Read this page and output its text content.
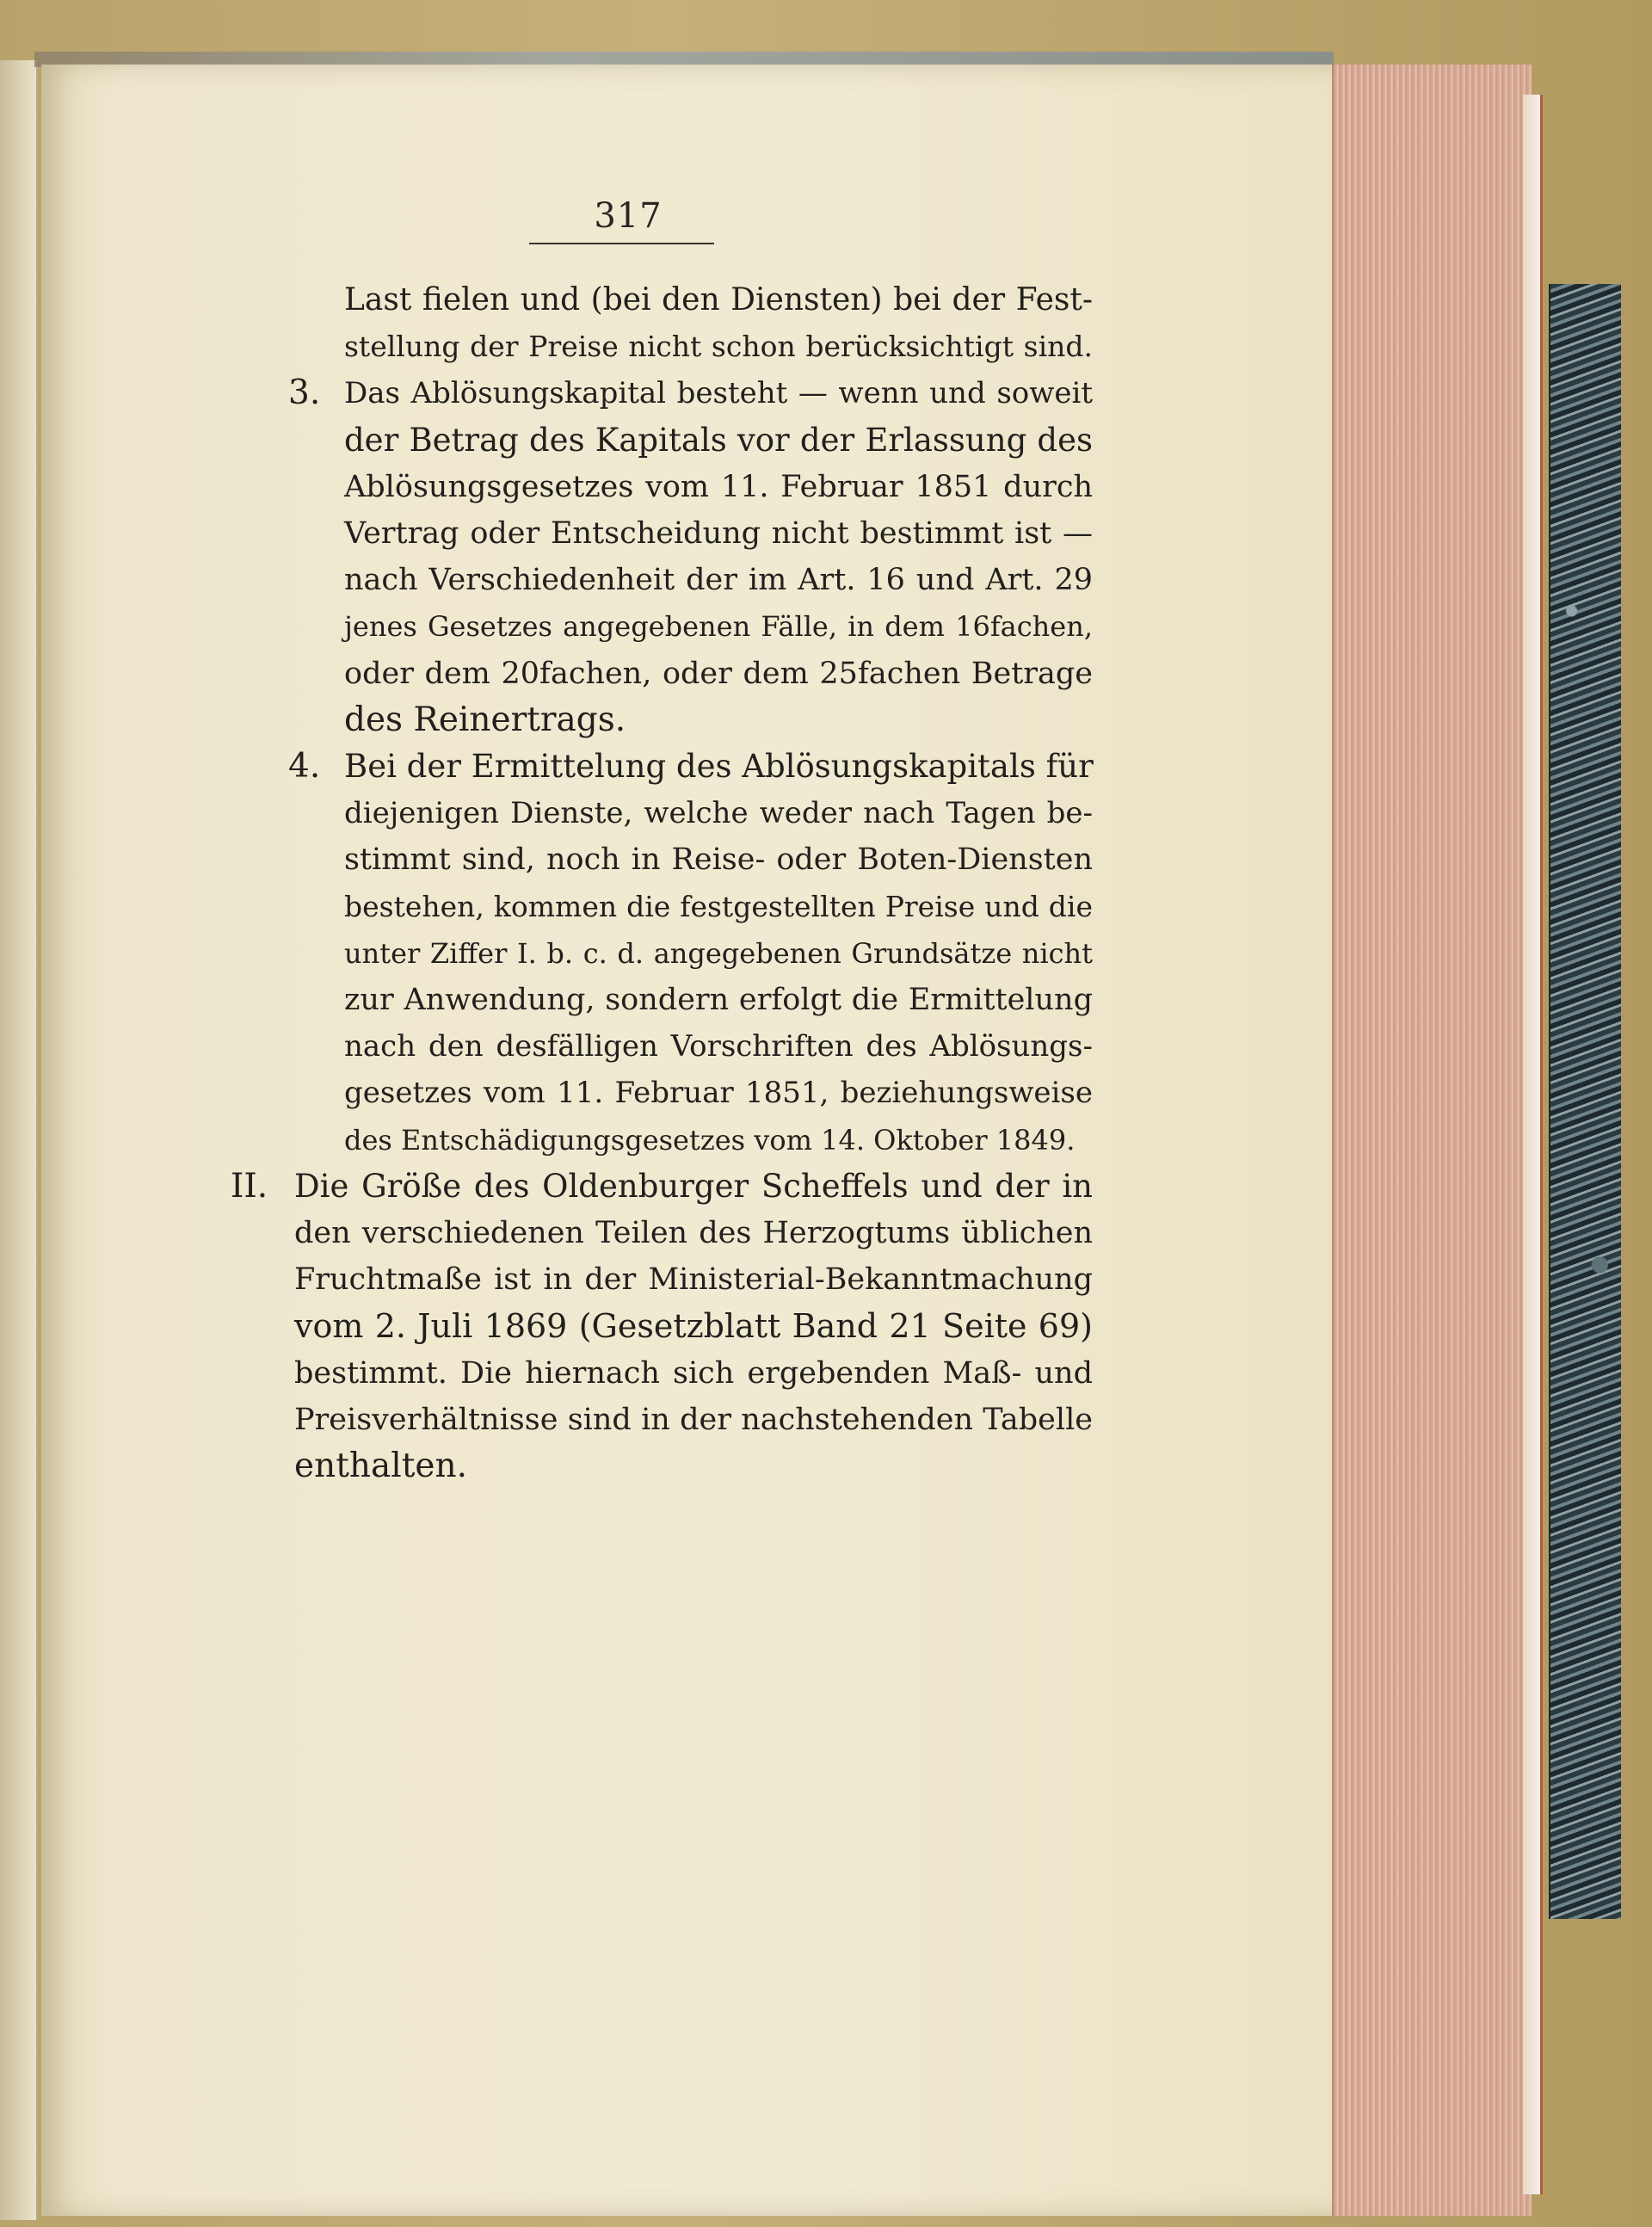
317
Last fielen und (bei den Diensten) bei der Fest-
stellung der Preise nicht schon berücksichtigt sind.
3. Das Ablösungskapital besteht — wenn und soweit
der Betrag des Kapitals vor der Erlassung des
Ablösungsgesetzes vom 11. Februar 1851 durch
Vertrag oder Entscheidung nicht bestimmt ist —
nach Verschiedenheit der im Art. 16 und Art. 29
jenes Gesetzes angegebenen Fälle, in dem 16fachen,
oder dem 20fachen, oder dem 25fachen Betrage
des Reinertrags.
4. Bei der Ermittelung des Ablösungskapitals für
diejenigen Dienste, welche weder nach Tagen be-
stimmt sind, noch in Reise- oder Boten-Diensten
bestehen, kommen die festgestellten Preise und die
unter Ziffer I. b. c. d. angegebenen Grundsätze nicht
zur Anwendung, sondern erfolgt die Ermittelung
nach den desfälligen Vorschriften des Ablösungs-
gesetzes vom 11. Februar 1851, beziehungsweise
des Entschädigungsgesetzes vom 14. Oktober 1849.
II. Die Größe des Oldenburger Scheffels und der in
den verschiedenen Teilen des Herzogtums üblichen
Fruchtmaße ist in der Ministerial-Bekanntmachung
vom 2. Juli 1869 (Gesetzblatt Band 21 Seite 69)
bestimmt. Die hiernach sich ergebenden Maß- und
Preisverhältnisse sind in der nachstehenden Tabelle
enthalten.
